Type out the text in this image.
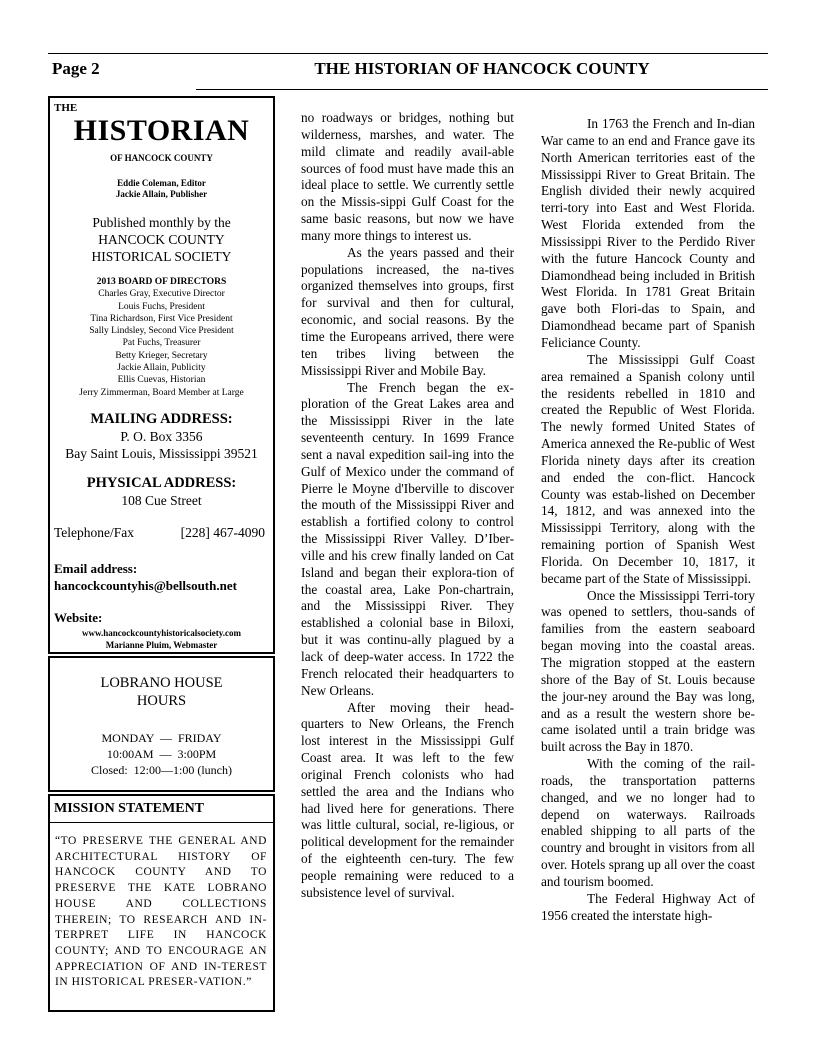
Page 2	THE HISTORIAN OF HANCOCK COUNTY
THE
HISTORIAN
OF HANCOCK COUNTY
Eddie Coleman, Editor
Jackie Allain, Publisher
Published monthly by the
HANCOCK COUNTY
HISTORICAL SOCIETY
2013 BOARD OF DIRECTORS
Charles Gray, Executive Director
Louis Fuchs, President
Tina Richardson, First Vice President
Sally Lindsley, Second Vice President
Pat Fuchs, Treasurer
Betty Krieger, Secretary
Jackie Allain, Publicity
Ellis Cuevas, Historian
Jerry Zimmerman, Board Member at Large
MAILING ADDRESS:
P. O. Box 3356
Bay Saint Louis, Mississippi 39521
PHYSICAL ADDRESS:
108 Cue Street
Telephone/Fax	[228] 467-4090
Email address:
hancockcountyhis@bellsouth.net
Website:
www.hancockcountyhistoricalsociety.com
Marianne Pluim, Webmaster
LOBRANO HOUSE
HOURS
MONDAY  —  FRIDAY
10:00AM  —  3:00PM
Closed:  12:00—1:00 (lunch)
MISSION STATEMENT
“TO PRESERVE THE GENERAL AND ARCHITECTURAL HISTORY OF HANCOCK COUNTY AND TO PRESERVE THE KATE LOBRANO HOUSE AND COLLECTIONS THEREIN; TO RESEARCH AND IN-TERPRET LIFE IN HANCOCK COUNTY; AND TO ENCOURAGE AN APPRECIATION OF AND IN-TEREST IN HISTORICAL PRESER-VATION.”

no roadways or bridges, nothing but wilderness, marshes, and water. The mild climate and readily avail-able sources of food must have made this an ideal place to settle. We currently settle on the Missis-sippi Gulf Coast for the same basic reasons, but now we have many more things to interest us.

As the years passed and their populations increased, the na-tives organized themselves into groups, first for survival and then for cultural, economic, and social reasons. By the time the Europeans arrived, there were ten tribes living between the Mississippi River and Mobile Bay.

The French began the ex-ploration of the Great Lakes area and the Mississippi River in the late seventeenth century. In 1699 France sent a naval expedition sail-ing into the Gulf of Mexico under the command of Pierre le Moyne d'Iberville to discover the mouth of the Mississippi River and establish a fortified colony to control the Mississippi River Valley. D’Iber-ville and his crew finally landed on Cat Island and began their explora-tion of the coastal area, Lake Pon-chartrain, and the Mississippi River. They established a colonial base in Biloxi, but it was continu-ally plagued by a lack of deep-water access. In 1722 the French relocated their headquarters to New Orleans.

After moving their head-quarters to New Orleans, the French lost interest in the Mississippi Gulf Coast area. It was left to the few original French colonists who had settled the area and the Indians who had lived here for generations. There was little cultural, social, re-ligious, or political development for the remainder of the eighteenth cen-tury. The few people remaining were reduced to a subsistence level of survival.

In 1763 the French and In-dian War came to an end and France gave its North American territories east of the Mississippi River to Great Britain. The English divided their newly acquired terri-tory into East and West Florida. West Florida extended from the Mississippi River to the Perdido River with the future Hancock County and Diamondhead being included in British West Florida. In 1781 Great Britain gave both Flori-das to Spain, and Diamondhead became part of Spanish Feliciance County.

The Mississippi Gulf Coast area remained a Spanish colony until the residents rebelled in 1810 and created the Republic of West Florida. The newly formed United States of America annexed the Re-public of West Florida ninety days after its creation and ended the con-flict. Hancock County was estab-lished on December 14, 1812, and was annexed into the Mississippi Territory, along with the remaining portion of Spanish West Florida. On December 10, 1817, it became part of the State of Mississippi.

Once the Mississippi Terri-tory was opened to settlers, thou-sands of families from the eastern seaboard began moving into the coastal areas. The migration stopped at the eastern shore of the Bay of St. Louis because the jour-ney around the Bay was long, and as a result the western shore be-came isolated until a train bridge was built across the Bay in 1870.

With the coming of the rail-roads, the transportation patterns changed, and we no longer had to depend on waterways. Railroads enabled shipping to all parts of the country and brought in visitors from all over. Hotels sprang up all over the coast and tourism boomed.

The Federal Highway Act of 1956 created the interstate high-
